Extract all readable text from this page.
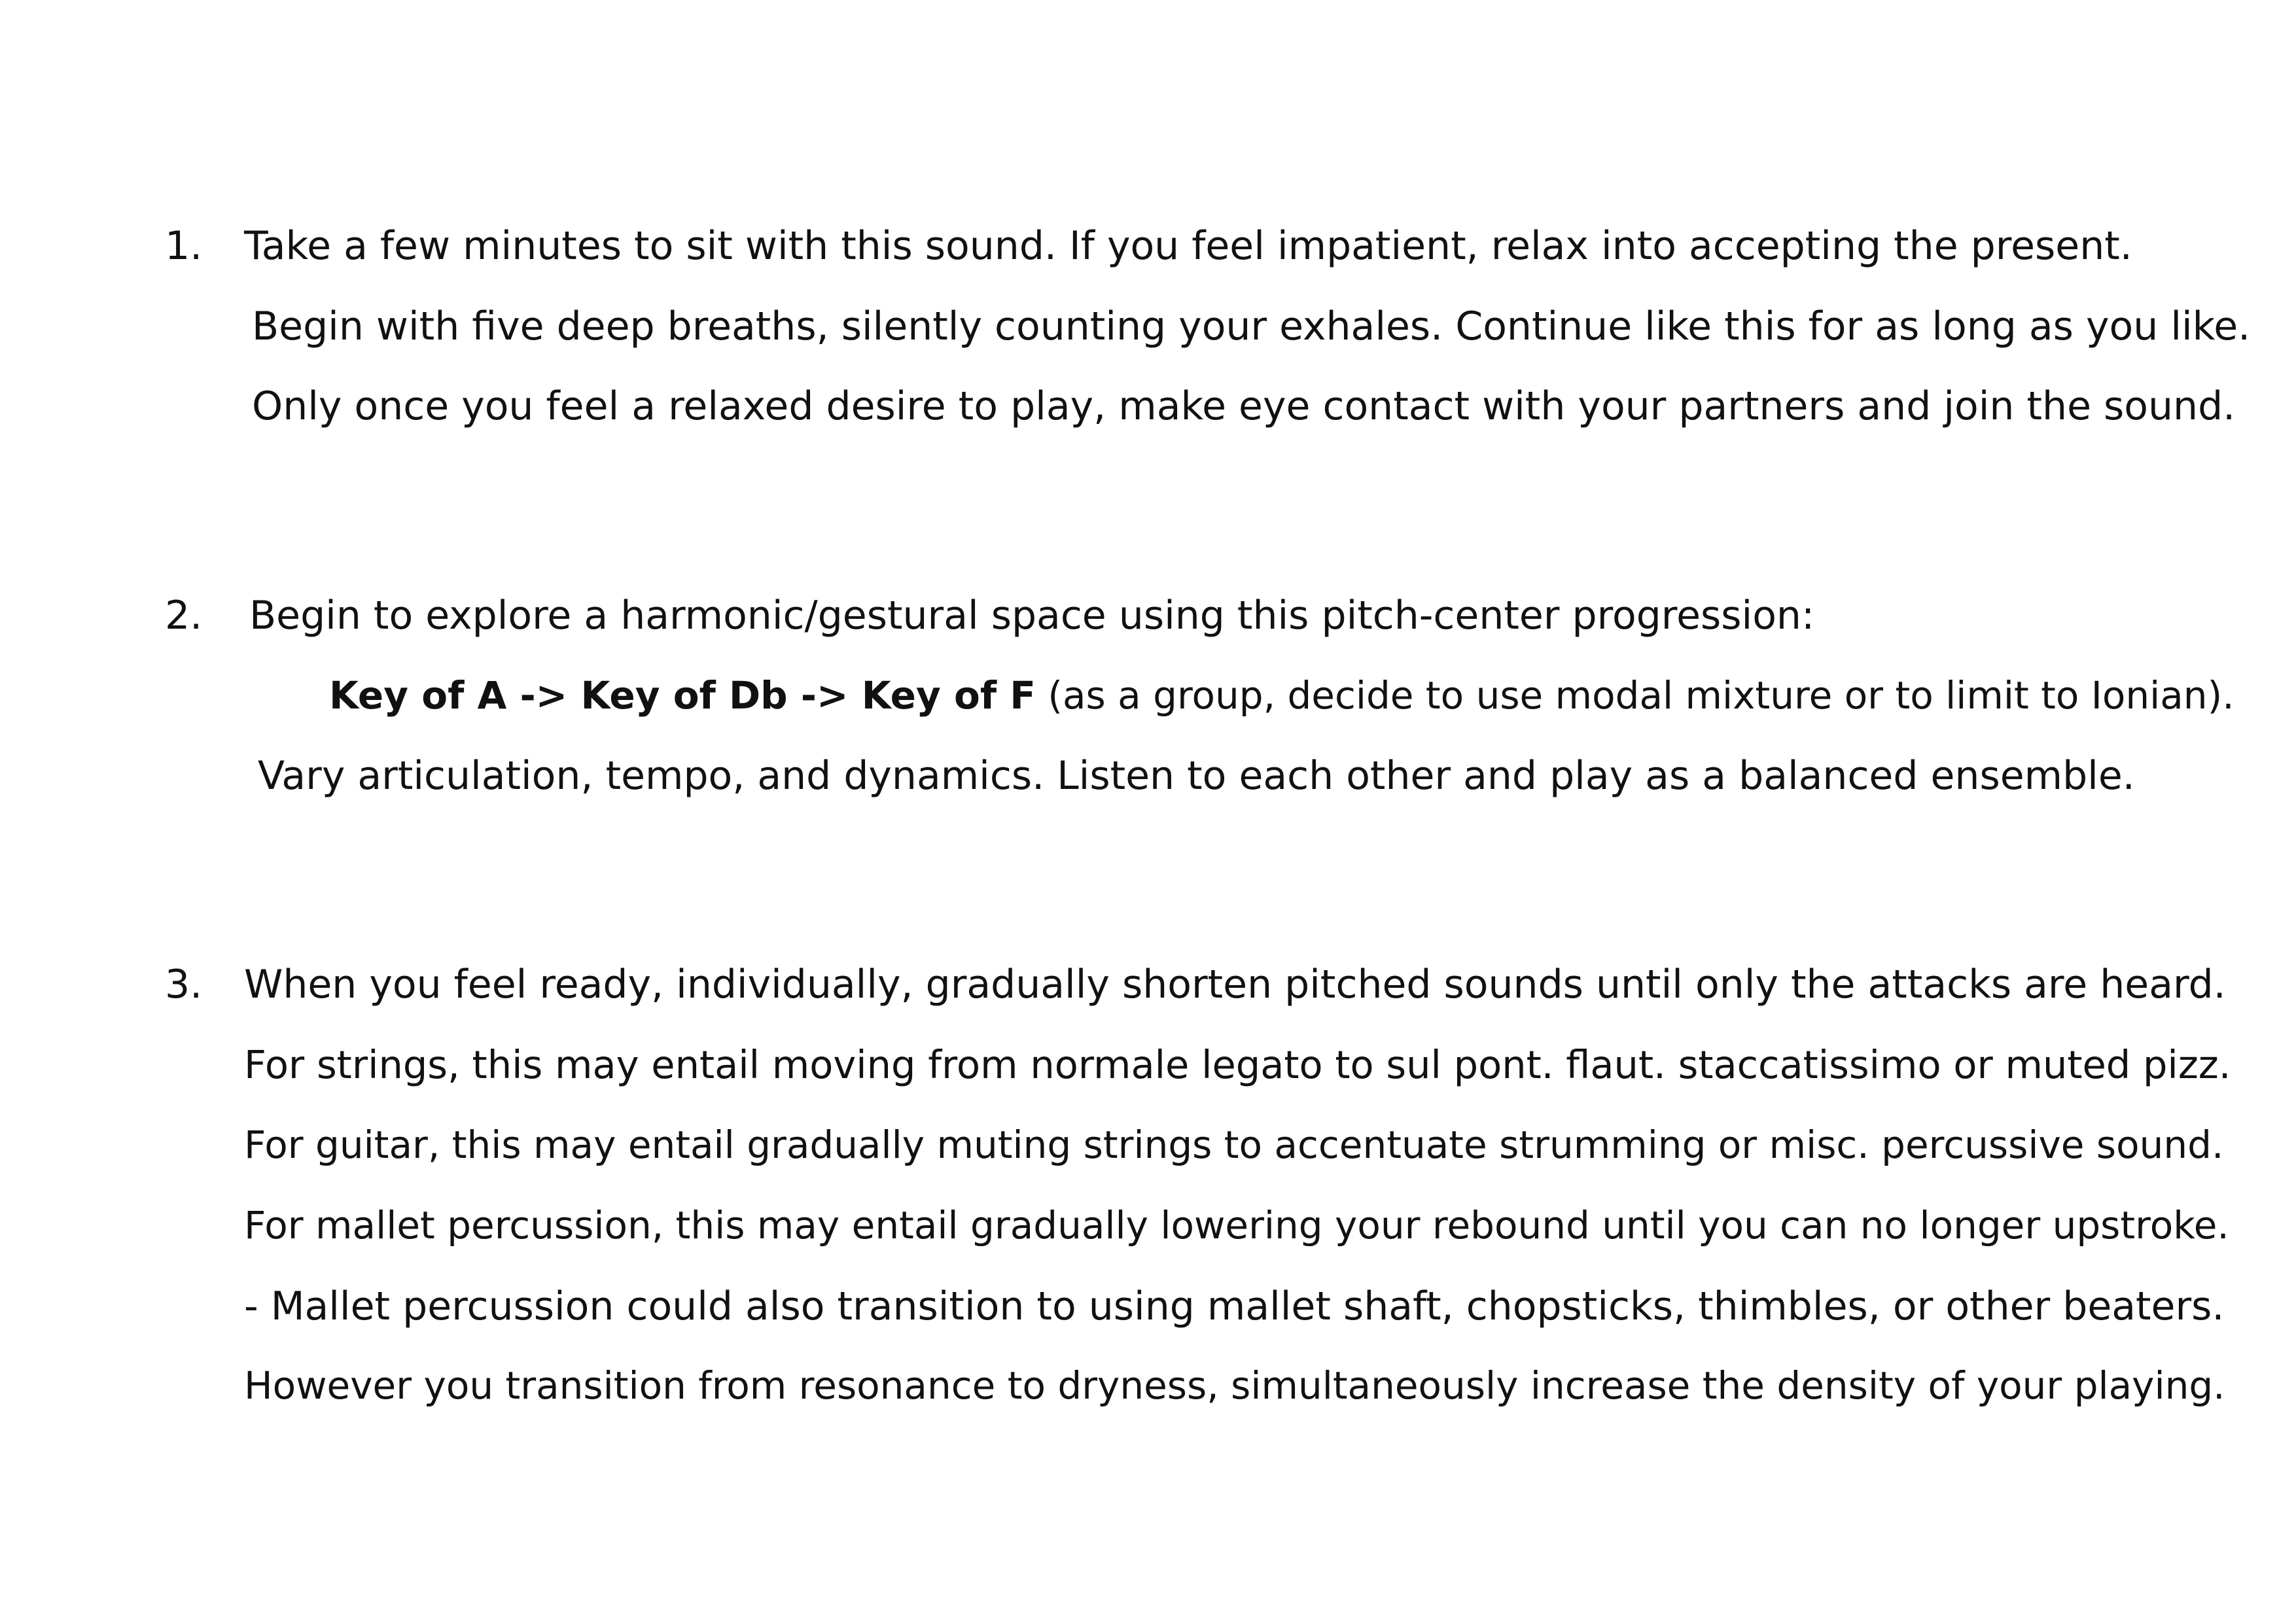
1. Take a few minutes to sit with this sound. If you feel impatient, relax into accepting the present.
Begin with five deep breaths, silently counting your exhales. Continue like this for as long as you like.
Only once you feel a relaxed desire to play, make eye contact with your partners and join the sound.
2. Begin to explore a harmonic/gestural space using this pitch-center progression:
Key of A -> Key of Db -> Key of F (as a group, decide to use modal mixture or to limit to Ionian).
Vary articulation, tempo, and dynamics. Listen to each other and play as a balanced ensemble.
3. When you feel ready, individually, gradually shorten pitched sounds until only the attacks are heard.
For strings, this may entail moving from normale legato to sul pont. flaut. staccatissimo or muted pizz.
For guitar, this may entail gradually muting strings to accentuate strumming or misc. percussive sound.
For mallet percussion, this may entail gradually lowering your rebound until you can no longer upstroke.
- Mallet percussion could also transition to using mallet shaft, chopsticks, thimbles, or other beaters.
However you transition from resonance to dryness, simultaneously increase the density of your playing.
